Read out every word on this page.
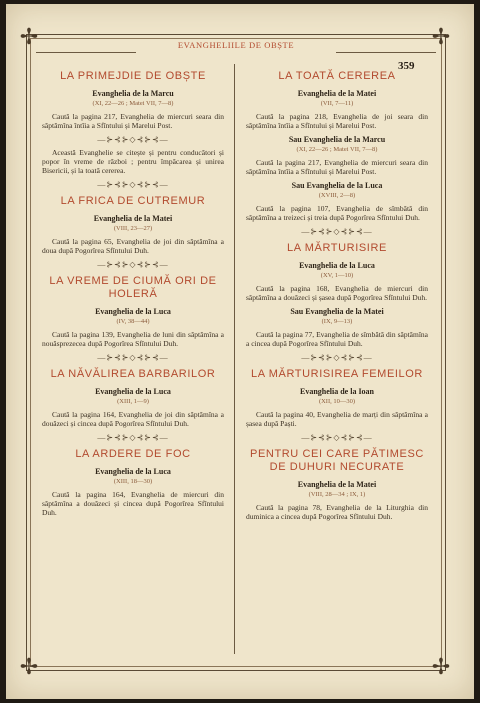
✢	✢
✢	✢
EVANGHELIILE DE OBȘTE
359
LA PRIMEJDIE DE OBȘTE
Evanghelia de la Marcu
(XI, 22—26 ; Matei VII, 7—8)

Caută la pagina 217, Evanghelia de miercuri seara din săptămîna întîia a Sfîntului și Marelui Post.

—⊱⊰⊱◇⊰⊱⊰—

Această Evanghelie se citește și pentru conducători și popor în vreme de război ; pentru împăcarea și unirea Bisericii, și la toată cererea.

—⊱⊰⊱◇⊰⊱⊰—
LA FRICA DE CUTREMUR
Evanghelia de la Matei
(VIII, 23—27)

Caută la pagina 65, Evanghelia de joi din săptămîna a doua după Pogorîrea Sfîntului Duh.

—⊱⊰⊱◇⊰⊱⊰—
LA VREME DE CIUMĂ ORI DE HOLERĂ
Evanghelia de la Luca
(IV, 38—44)

Caută la pagina 139, Evanghelia de luni din săptămîna a nouăsprezecea după Pogorîrea Sfîntului Duh.

—⊱⊰⊱◇⊰⊱⊰—
LA NĂVĂLIREA BARBARILOR
Evanghelia de la Luca
(XIII, 1—9)

Caută la pagina 164, Evanghelia de joi din săptămîna a douăzeci și cincea după Pogorîrea Sfîntului Duh.

—⊱⊰⊱◇⊰⊱⊰—
LA ARDERE DE FOC
Evanghelia de la Luca
(XIII, 18—30)

Caută la pagina 164, Evanghelia de miercuri din săptămîna a douăzeci și cincea după Pogorîrea Sfîntului Duh.

LA TOATĂ CEREREA
Evanghelia de la Matei
(VII, 7—11)

Caută la pagina 218, Evanghelia de joi seara din săptămîna întîia a Sfîntului și Marelui Post.

Sau Evanghelia de la Marcu
(XI, 22—26 ; Matei VII, 7—8)

Caută la pagina 217, Evanghelia de miercuri seara din săptămîna întîia a Sfîntului și Marelui Post.

Sau Evanghelia de la Luca
(XVIII, 2—8)

Caută la pagina 107, Evanghelia de sîmbătă din săptămîna a treizeci și treia după Pogorîrea Sfîntului Duh.

—⊱⊰⊱◇⊰⊱⊰—
LA MĂRTURISIRE
Evanghelia de la Luca
(XV, 1—10)

Caută la pagina 168, Evanghelia de miercuri din săptămîna a douăzeci și șasea după Pogorîrea Sfîntului Duh.

Sau Evanghelia de la Matei
(IX, 9—13)

Caută la pagina 77, Evanghelia de sîmbătă din săptămîna a cincea după Pogorîrea Sfîntului Duh.

—⊱⊰⊱◇⊰⊱⊰—
LA MĂRTURISIREA FEMEILOR
Evanghelia de la Ioan
(XII, 10—30)

Caută la pagina 40, Evanghelia de marți din săptămîna a șasea după Paști.

—⊱⊰⊱◇⊰⊱⊰—
PENTRU CEI CARE PĂTIMESC DE DUHURI NECURATE
Evanghelia de la Matei
(VIII, 28—34 ; IX, 1)

Caută la pagina 78, Evanghelia de la Liturghia din duminica a cincea după Pogorîrea Sfîntului Duh.
